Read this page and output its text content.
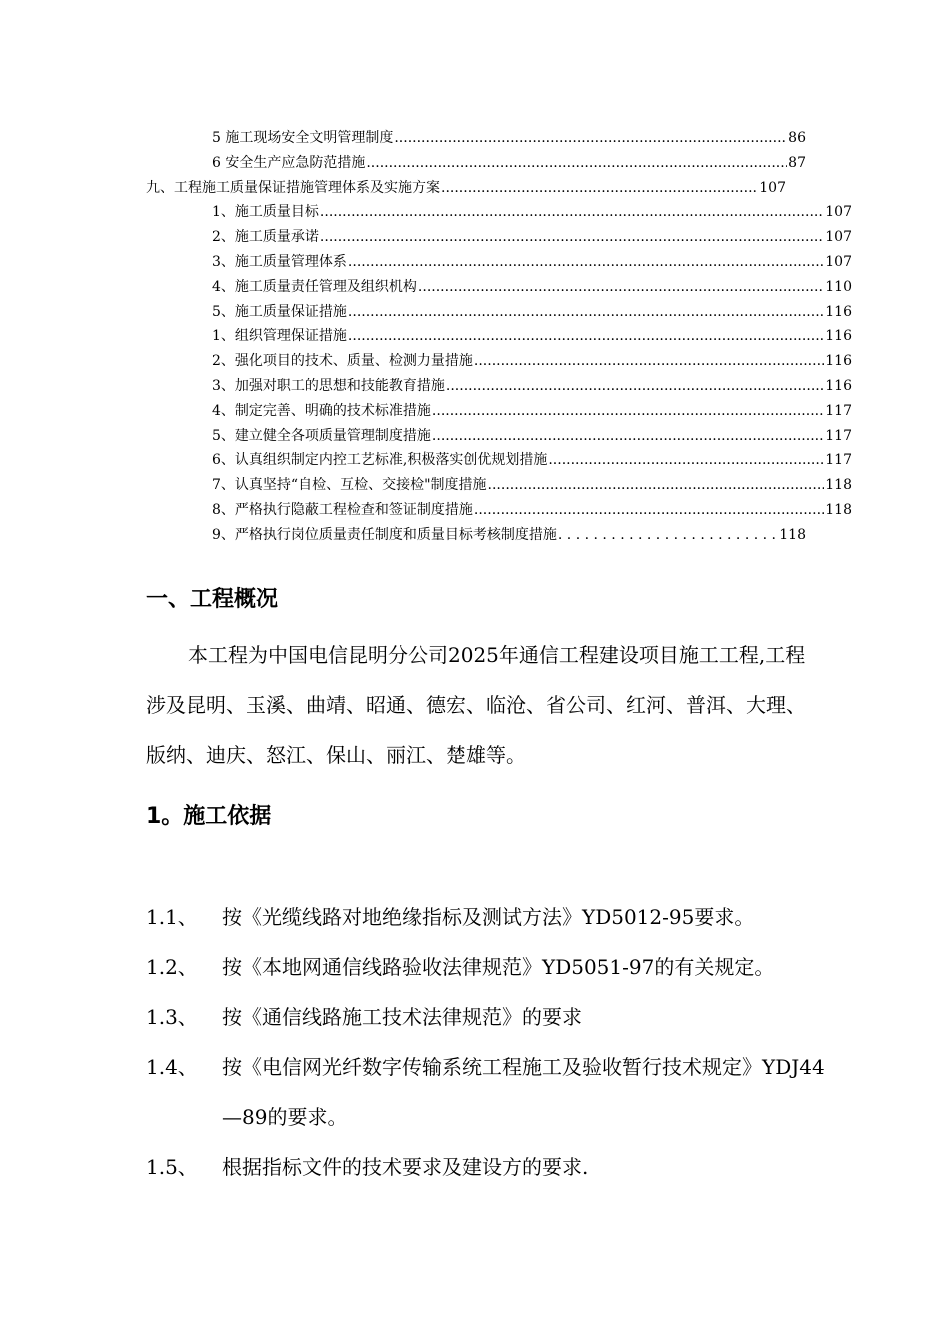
5 施工现场安全文明管理制度 .....	86
6 安全生产应急防范措施 .....	87
九、工程施工质量保证措施管理体系及实施方案 .....	107
1、施工质量目标 .....	107
2、施工质量承诺 .....	107
3、施工质量管理体系 .....	107
4、施工质量责任管理及组织机构 .....	110
5、施工质量保证措施 .....	116
1、组织管理保证措施 .....	116
2、强化项目的技术、质量、检测力量措施 .....	116
3、加强对职工的思想和技能教育措施 .....	116
4、制定完善、明确的技术标准措施 .....	117
5、建立健全各项质量管理制度措施 .....	117
6、认真组织制定内控工艺标准,积极落实创优规划措施 .....	117
7、认真坚持“自检、互检、交接检"制度措施 .....	118
8、严格执行隐蔽工程检查和签证制度措施 .....	118
9、严格执行岗位质量责任制度和质量目标考核制度措施 . . .	118
一、工程概况
本工程为中国电信昆明分公司2025年通信工程建设项目施工工程,工程涉及昆明、玉溪、曲靖、昭通、德宏、临沧、省公司、红河、普洱、大理、版纳、迪庆、怒江、保山、丽江、楚雄等。
1。施工依据
1.1、	按《光缆线路对地绝缘指标及测试方法》YD5012-95要求。
1.2、	按《本地网通信线路验收法律规范》YD5051-97的有关规定。
1.3、	按《通信线路施工技术法律规范》的要求
1.4、	按《电信网光纤数字传输系统工程施工及验收暂行技术规定》YDJ44—89的要求。
1.5、	根据指标文件的技术要求及建设方的要求.
